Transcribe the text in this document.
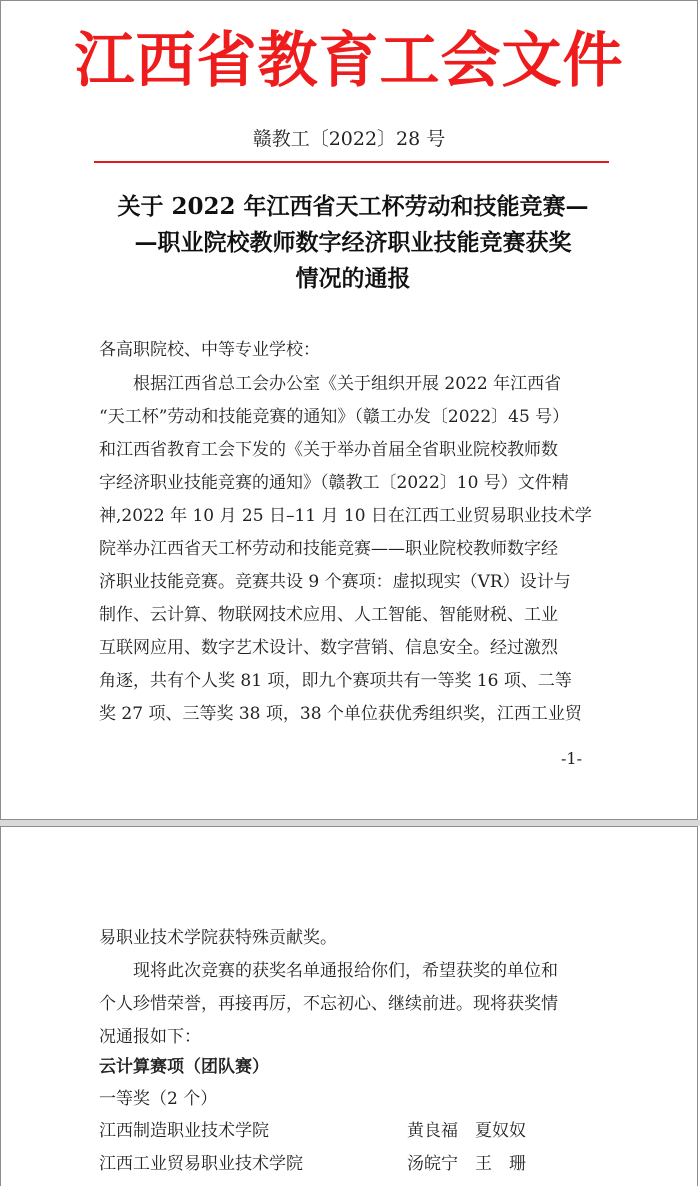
江西省教育工会文件
赣教工〔2022〕28 号
关于 2022 年江西省天工杯劳动和技能竞赛—
—职业院校教师数字经济职业技能竞赛获奖
情况的通报
各高职院校、中等专业学校：
根据江西省总工会办公室《关于组织开展 2022 年江西省
“天工杯”劳动和技能竞赛的通知》（赣工办发〔2022〕45 号）
和江西省教育工会下发的《关于举办首届全省职业院校教师数
字经济职业技能竞赛的通知》（赣教工〔2022〕10 号）文件精
神,2022 年 10 月 25 日–11 月 10 日在江西工业贸易职业技术学
院举办江西省天工杯劳动和技能竞赛——职业院校教师数字经
济职业技能竞赛。竞赛共设 9 个赛项：虚拟现实（VR）设计与
制作、云计算、物联网技术应用、人工智能、智能财税、工业
互联网应用、数字艺术设计、数字营销、信息安全。经过激烈
角逐，共有个人奖 81 项，即九个赛项共有一等奖 16 项、二等
奖 27 项、三等奖 38 项，38 个单位获优秀组织奖，江西工业贸
-1-
易职业技术学院获特殊贡献奖。
现将此次竞赛的获奖名单通报给你们，希望获奖的单位和
个人珍惜荣誉，再接再厉，不忘初心、继续前进。现将获奖情
况通报如下：
云计算赛项（团队赛）
一等奖（2 个）
江西制造职业技术学院	黄良福　夏奴奴
江西工业贸易职业技术学院	汤皖宁　王　珊
